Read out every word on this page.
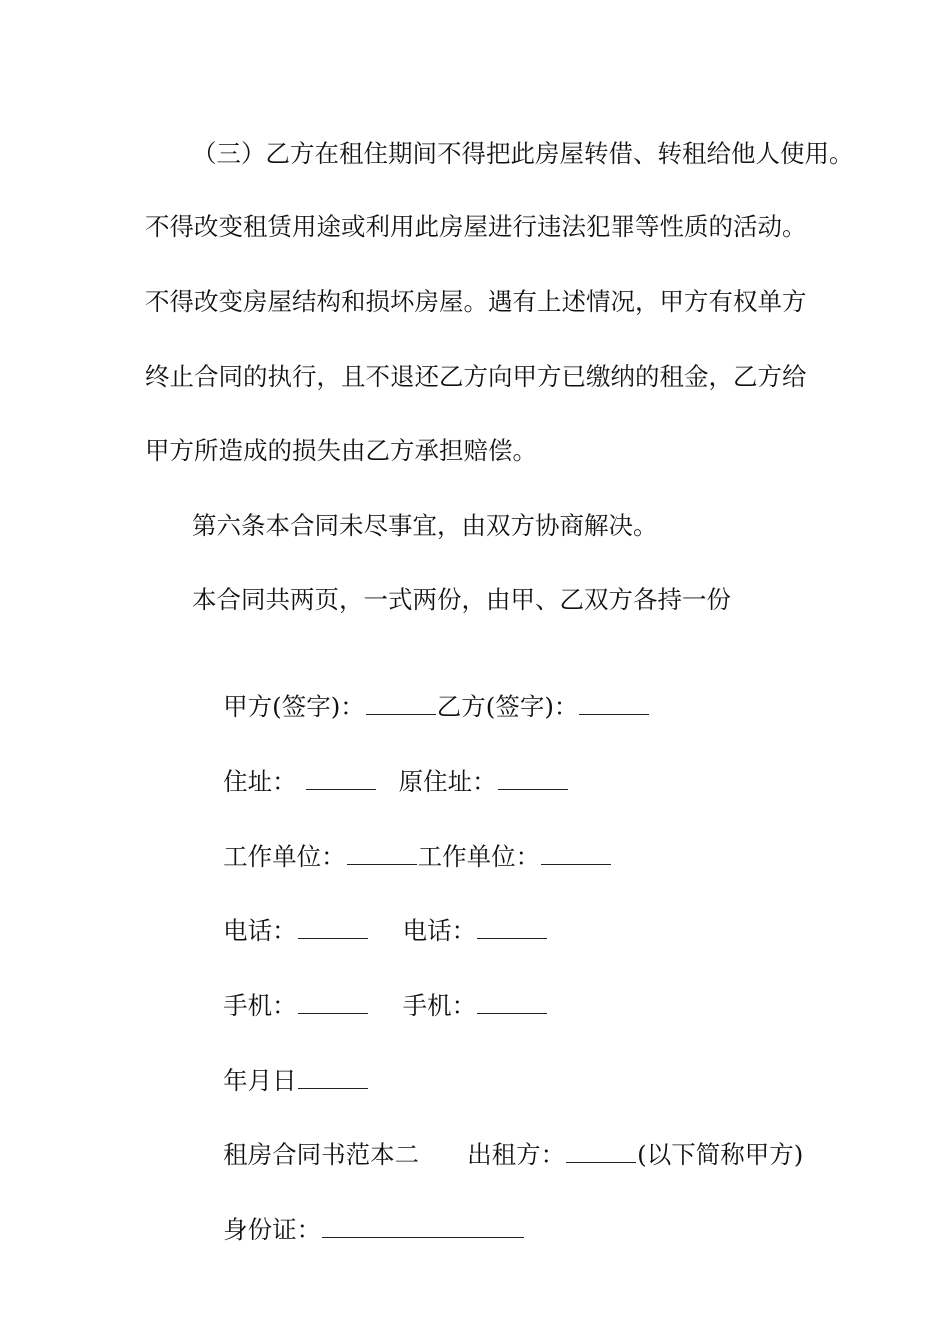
（三）乙方在租住期间不得把此房屋转借、转租给他人使用。
不得改变租赁用途或利用此房屋进行违法犯罪等性质的活动。
不得改变房屋结构和损坏房屋。遇有上述情况，甲方有权单方
终止合同的执行，且不退还乙方向甲方已缴纳的租金，乙方给
甲方所造成的损失由乙方承担赔偿。
第六条本合同未尽事宜，由双方协商解决。
本合同共两页，一式两份，由甲、乙双方各持一份

甲方(签字)：	乙方(签字)：

住址：	原住址：

工作单位：	工作单位：

电话：	电话：

手机：	手机：

年月日

租房合同书范本二 出租方：	(以下简称甲方)

身份证：
